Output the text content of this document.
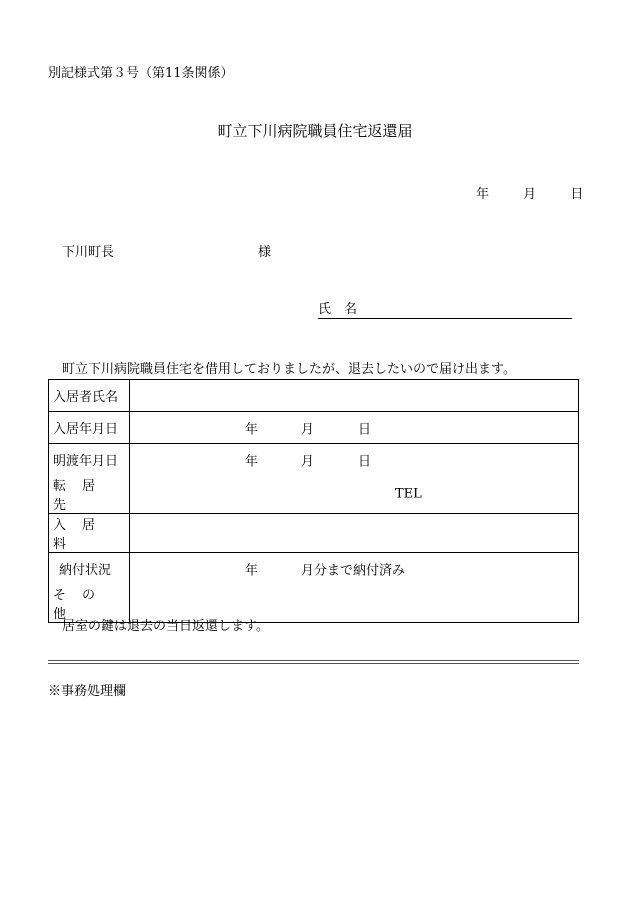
別記様式第３号（第11条関係）
町立下川病院職員住宅返還届
年	月	日
下川町長	様
氏　名
町立下川病院職員住宅を借用しておりましたが、退去したいので届け出ます。
入居者氏名	
入居年月日	年 月 日

明渡年月日	年 月 日

転居先	TEL

入居料	
納付状況	年 月分まで納付済み

その他	
居室の鍵は退去の当日返還します。
※事務処理欄
